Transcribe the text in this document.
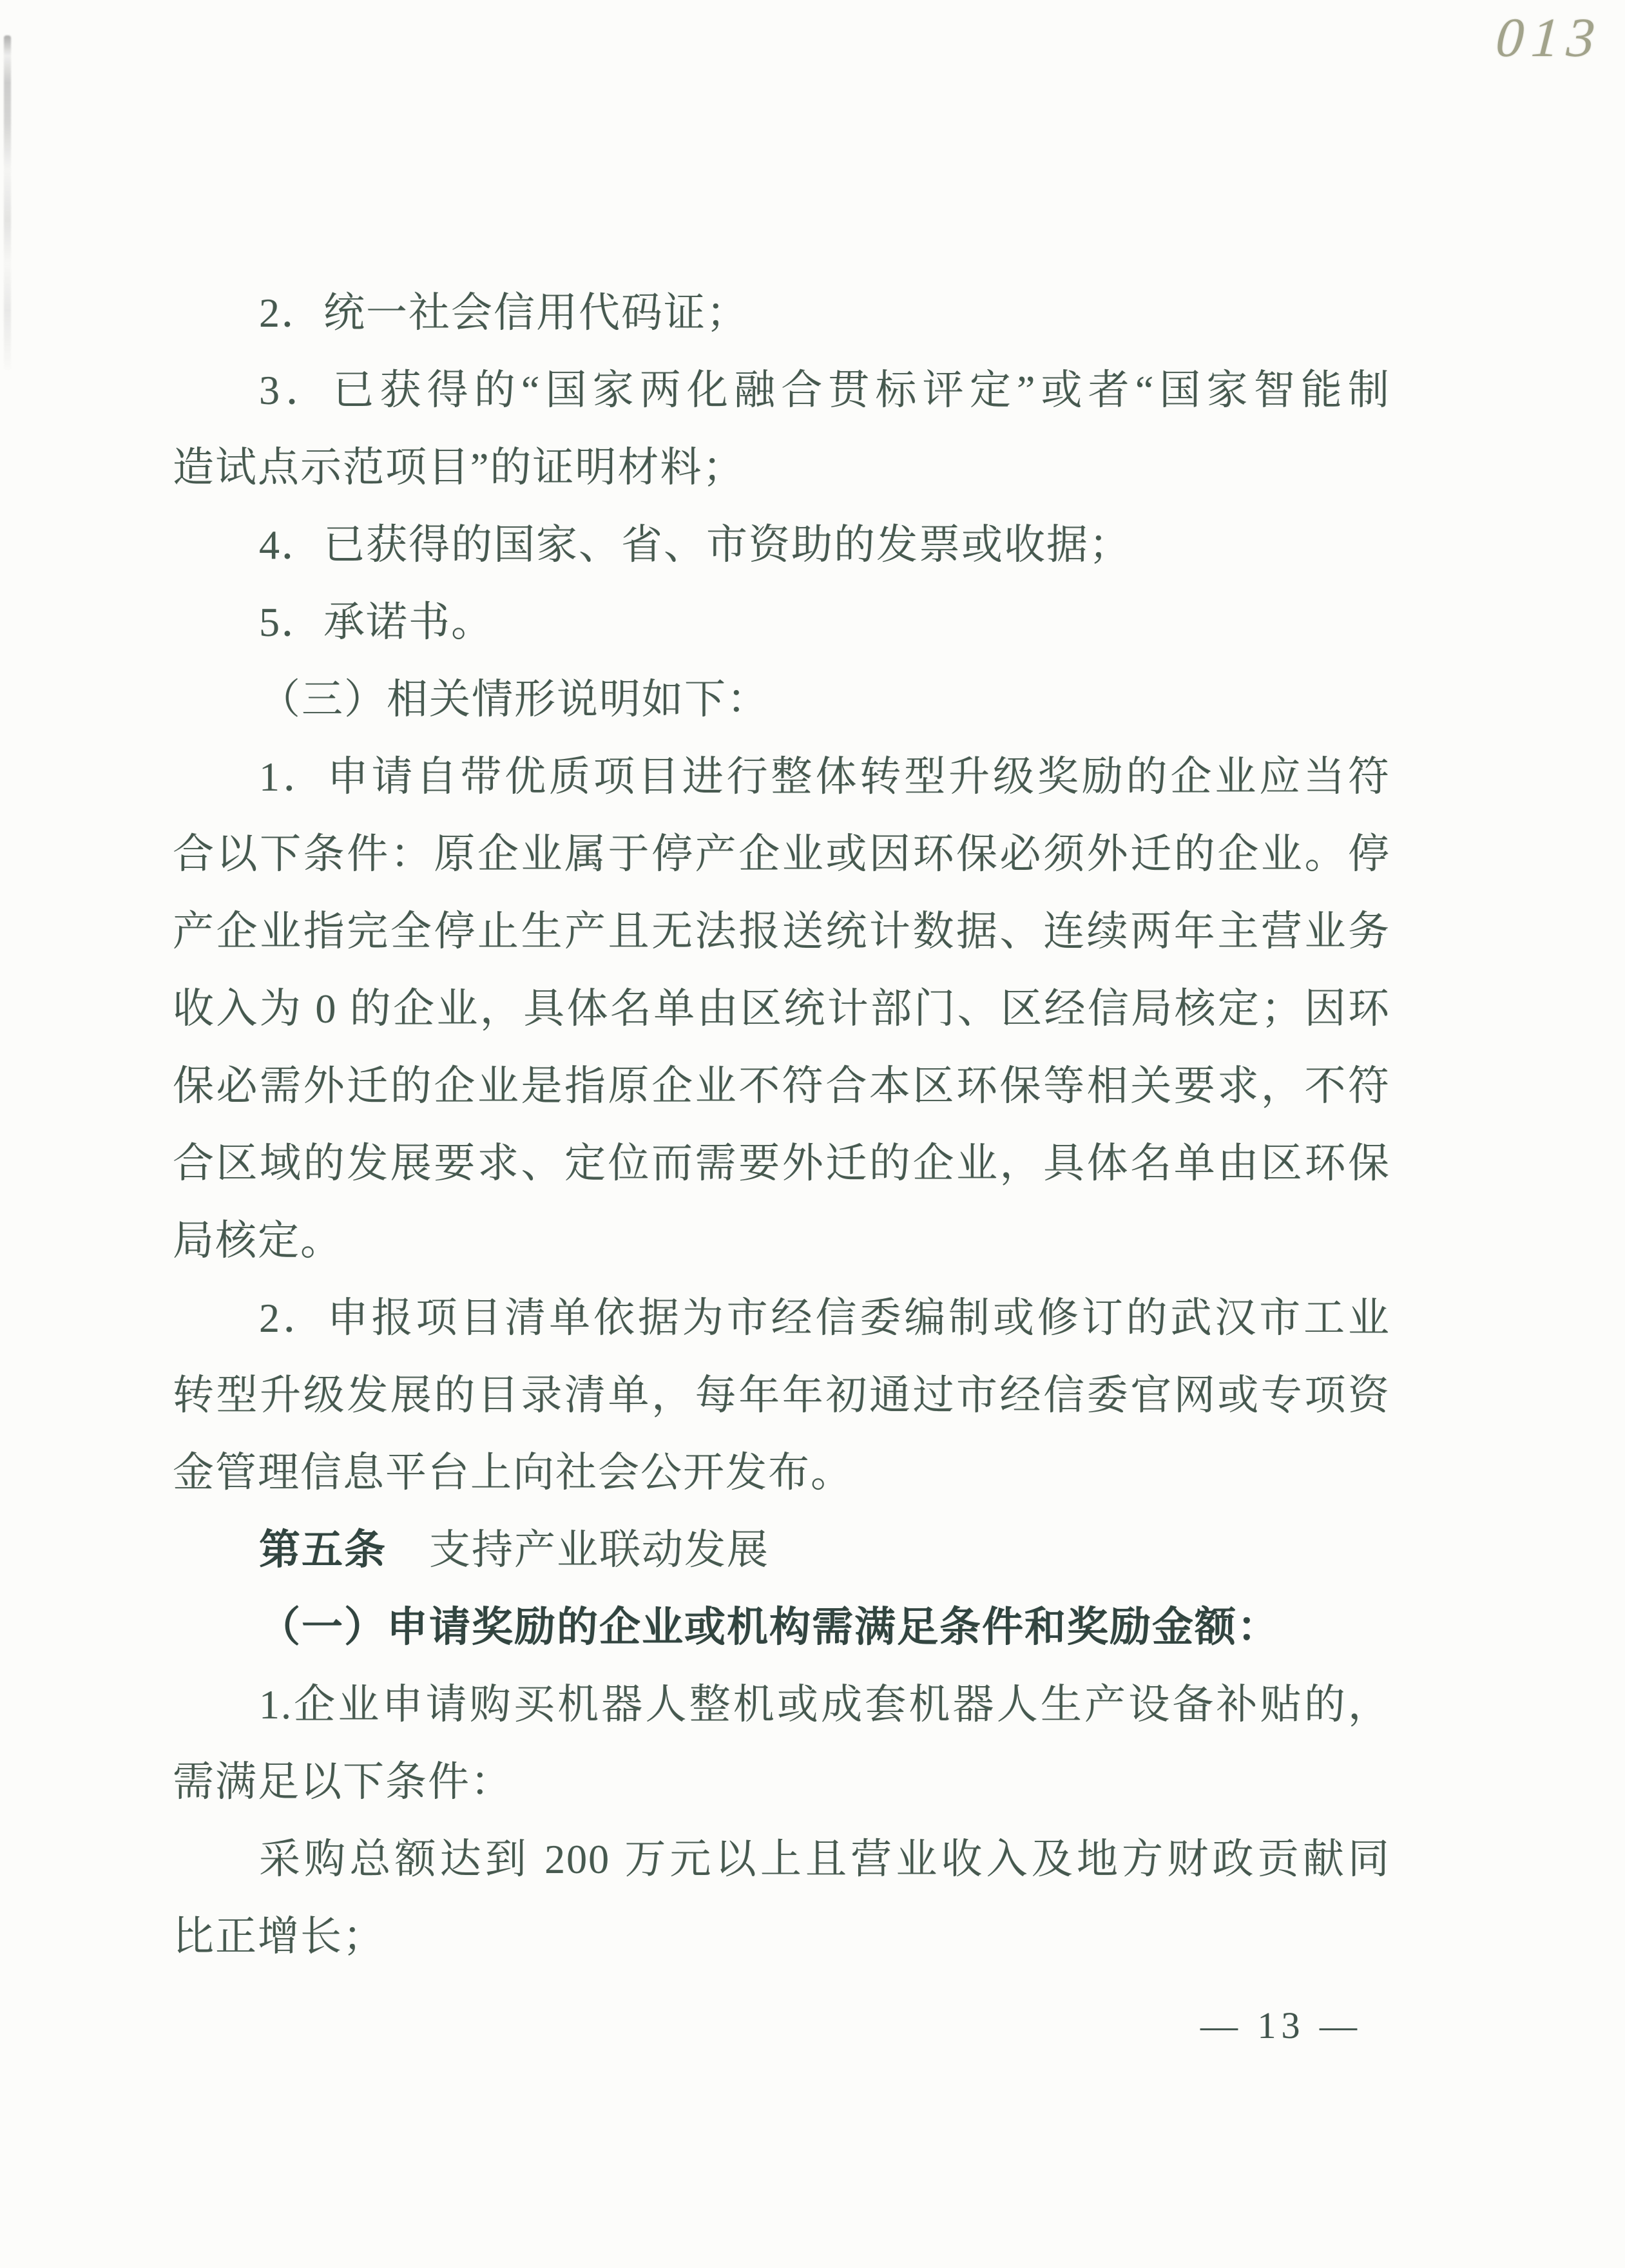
013
2．统一社会信用代码证；
3．已获得的“国家两化融合贯标评定”或者“国家智能制
造试点示范项目”的证明材料；
4．已获得的国家、省、市资助的发票或收据；
5．承诺书。
（三）相关情形说明如下：
1．申请自带优质项目进行整体转型升级奖励的企业应当符
合以下条件：原企业属于停产企业或因环保必须外迁的企业。停
产企业指完全停止生产且无法报送统计数据、连续两年主营业务
收入为 0 的企业，具体名单由区统计部门、区经信局核定；因环
保必需外迁的企业是指原企业不符合本区环保等相关要求，不符
合区域的发展要求、定位而需要外迁的企业，具体名单由区环保
局核定。
2．申报项目清单依据为市经信委编制或修订的武汉市工业
转型升级发展的目录清单，每年年初通过市经信委官网或专项资
金管理信息平台上向社会公开发布。
第五条　支持产业联动发展
（一）申请奖励的企业或机构需满足条件和奖励金额：
1.企业申请购买机器人整机或成套机器人生产设备补贴的，
需满足以下条件：
采购总额达到 200 万元以上且营业收入及地方财政贡献同
比正增长；
— 13 —
